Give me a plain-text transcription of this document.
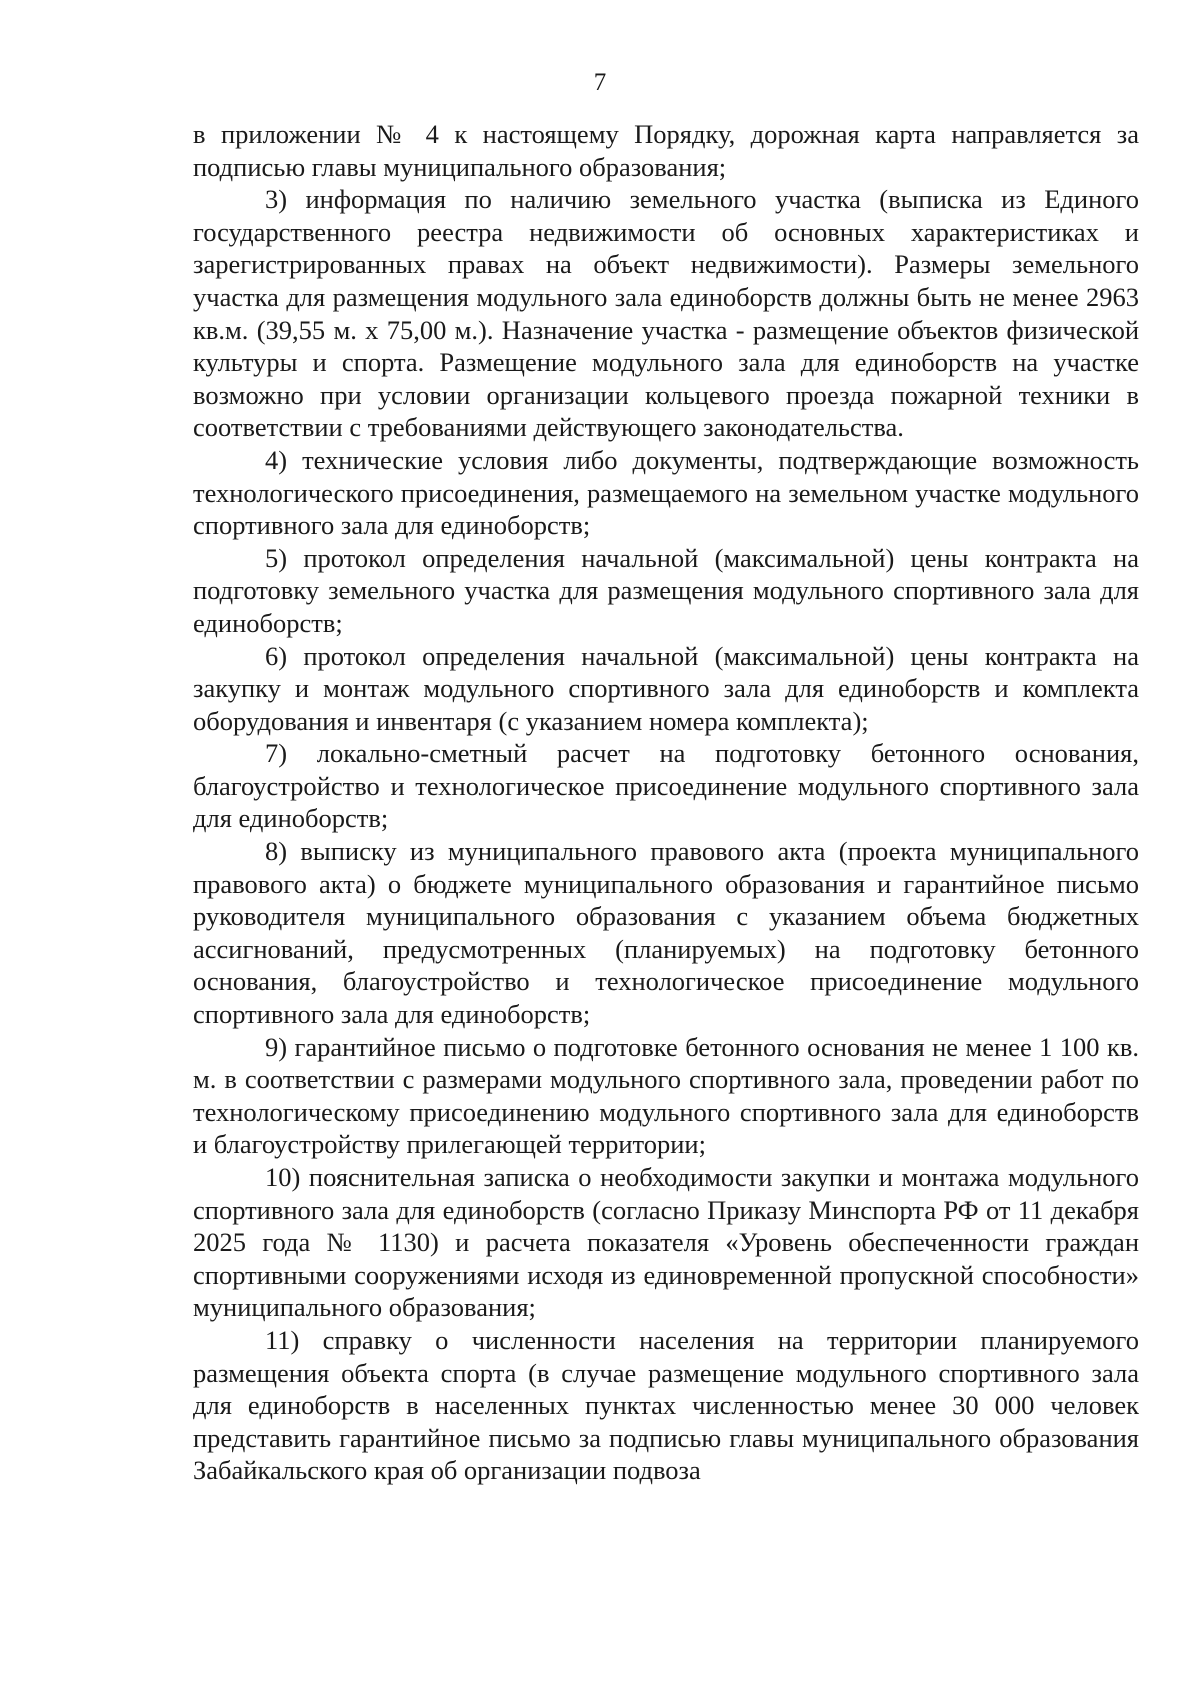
7

в приложении № 4 к настоящему Порядку, дорожная карта направляется за подписью главы муниципального образования;

3) информация по наличию земельного участка (выписка из Единого государственного реестра недвижимости об основных характеристиках и зарегистрированных правах на объект недвижимости). Размеры земельного участка для размещения модульного зала единоборств должны быть не менее 2963 кв.м. (39,55 м. х 75,00 м.). Назначение участка - размещение объектов физической культуры и спорта. Размещение модульного зала для единоборств на участке возможно при условии организации кольцевого проезда пожарной техники в соответствии с требованиями действующего законодательства.

4) технические условия либо документы, подтверждающие возможность технологического присоединения, размещаемого на земельном участке модульного спортивного зала для единоборств;

5) протокол определения начальной (максимальной) цены контракта на подготовку земельного участка для размещения модульного спортивного зала для единоборств;

6) протокол определения начальной (максимальной) цены контракта на закупку и монтаж модульного спортивного зала для единоборств и комплекта оборудования и инвентаря (с указанием номера комплекта);

7) локально-сметный расчет на подготовку бетонного основания, благоустройство и технологическое присоединение модульного спортивного зала для единоборств;

8) выписку из муниципального правового акта (проекта муниципального правового акта) о бюджете муниципального образования и гарантийное письмо руководителя муниципального образования с указанием объема бюджетных ассигнований, предусмотренных (планируемых) на подготовку бетонного основания, благоустройство и технологическое присоединение модульного спортивного зала для единоборств;

9) гарантийное письмо о подготовке бетонного основания не менее 1 100 кв. м. в соответствии с размерами модульного спортивного зала, проведении работ по технологическому присоединению модульного спортивного зала для единоборств и благоустройству прилегающей территории;

10) пояснительная записка о необходимости закупки и монтажа модульного спортивного зала для единоборств (согласно Приказу Минспорта РФ от 11 декабря 2025 года № 1130) и расчета показателя «Уровень обеспеченности граждан спортивными сооружениями исходя из единовременной пропускной способности» муниципального образования;

11) справку о численности населения на территории планируемого размещения объекта спорта (в случае размещение модульного спортивного зала для единоборств в населенных пунктах численностью менее 30 000 человек представить гарантийное письмо за подписью главы муниципального образования Забайкальского края об организации подвоза
